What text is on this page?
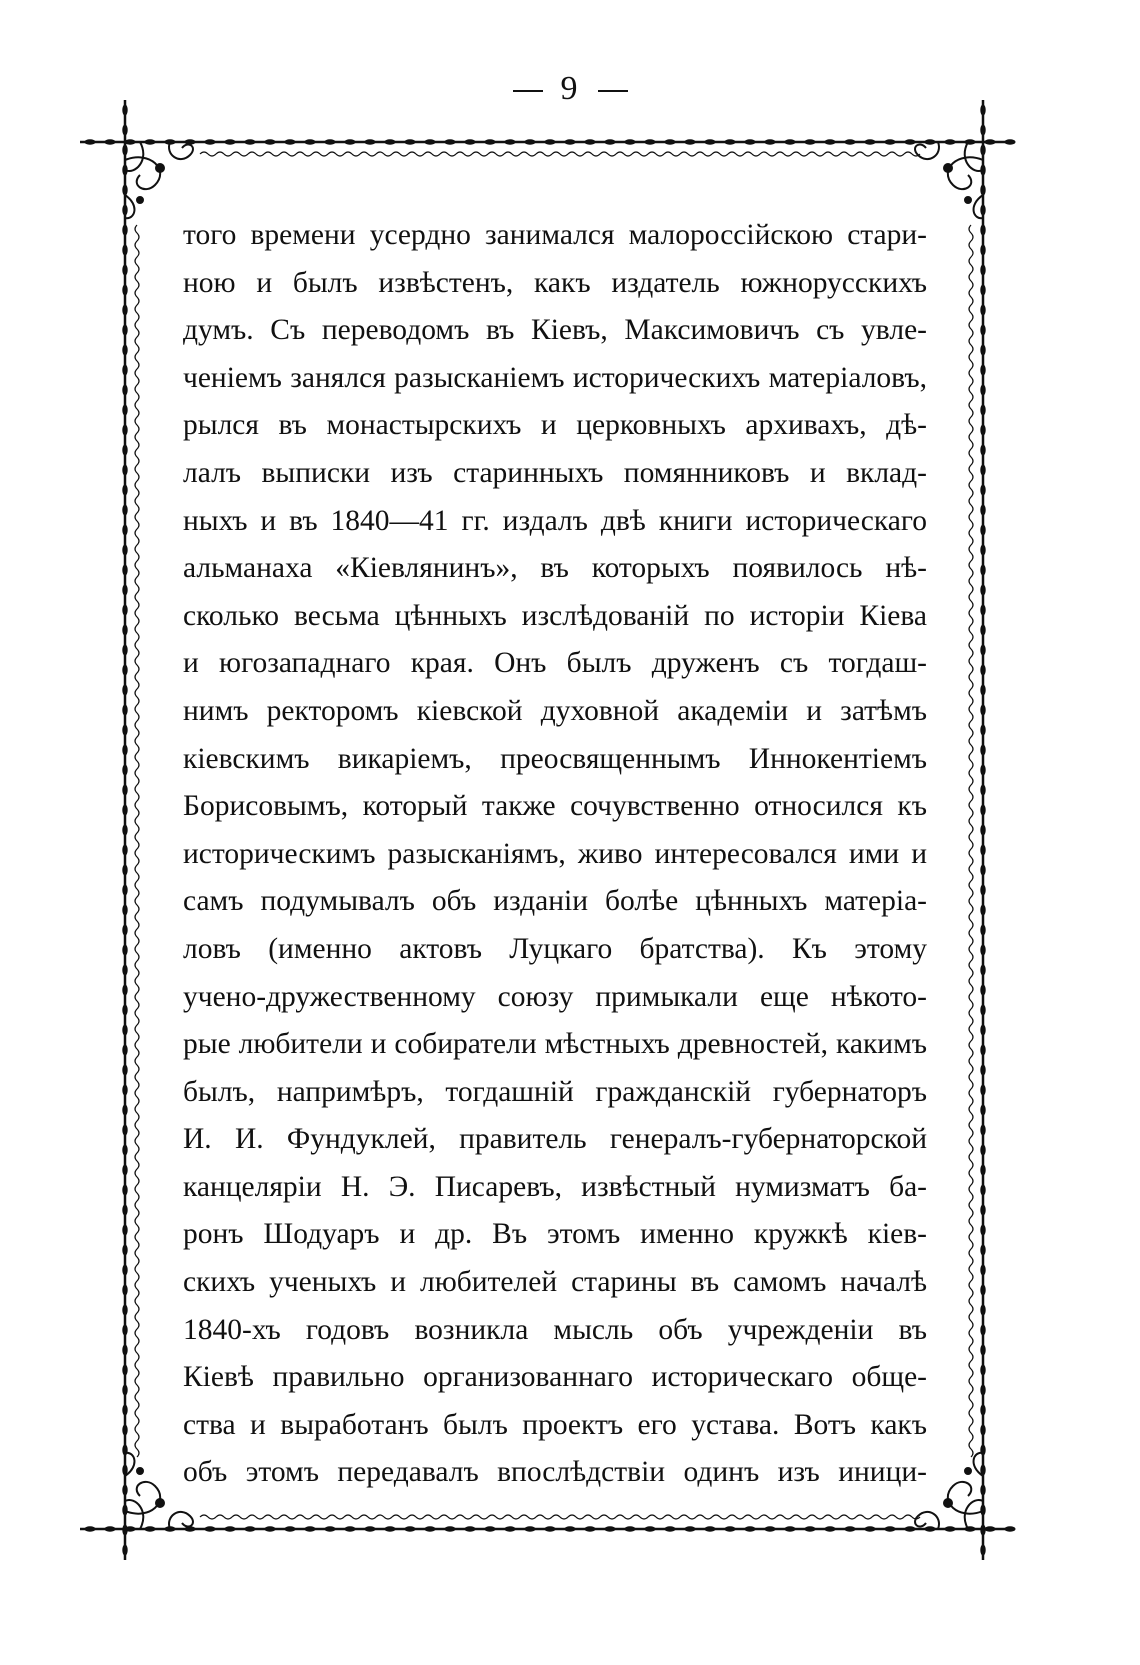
9
того времени усердно занимался малороссійскою стари-
ною и былъ извѣстенъ, какъ издатель южнорусскихъ
думъ. Съ переводомъ въ Кіевъ, Максимовичъ съ увле-
ченіемъ занялся разысканіемъ историческихъ матеріаловъ,
рылся въ монастырскихъ и церковныхъ архивахъ, дѣ-
лалъ выписки изъ старинныхъ помянниковъ и вклад-
ныхъ и въ 1840—41 гг. издалъ двѣ книги историческаго
альманаха «Кіевлянинъ», въ которыхъ появилось нѣ-
сколько весьма цѣнныхъ изслѣдованій по исторіи Кіева
и югозападнаго края. Онъ былъ друженъ съ тогдаш-
нимъ ректоромъ кіевской духовной академіи и затѣмъ
кіевскимъ викаріемъ, преосвященнымъ Иннокентіемъ
Борисовымъ, который также сочувственно относился къ
историческимъ разысканіямъ, живо интересовался ими и
самъ подумывалъ объ изданіи болѣе цѣнныхъ матеріа-
ловъ (именно актовъ Луцкаго братства). Къ этому
учено-дружественному союзу примыкали еще нѣкото-
рые любители и собиратели мѣстныхъ древностей, какимъ
былъ, напримѣръ, тогдашній гражданскій губернаторъ
И. И. Фундуклей, правитель генералъ-губернаторской
канцеляріи Н. Э. Писаревъ, извѣстный нумизматъ ба-
ронъ Шодуаръ и др. Въ этомъ именно кружкѣ кіев-
скихъ ученыхъ и любителей старины въ самомъ началѣ
1840-хъ годовъ возникла мысль объ учрежденіи въ
Кіевѣ правильно организованнаго историческаго обще-
ства и выработанъ былъ проектъ его устава. Вотъ какъ
объ этомъ передавалъ впослѣдствіи одинъ изъ иници-
